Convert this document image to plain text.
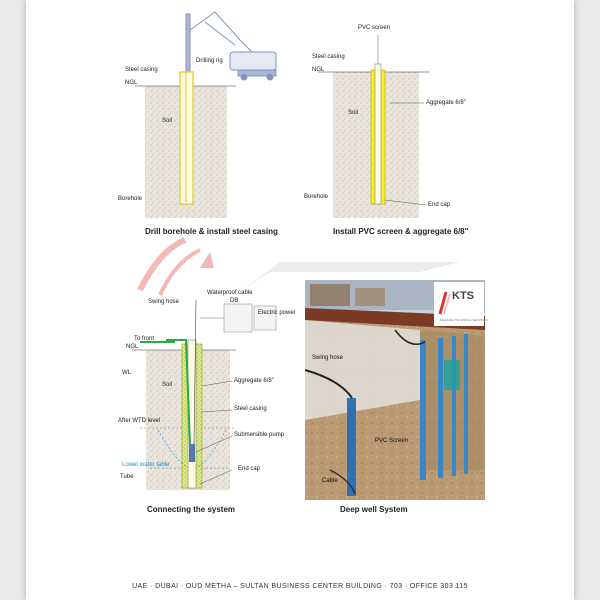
Drilling rig
Steel casing
NGL
Soil
Borehole
Drill borehole & install steel casing
PVC screen
Steel casing
NGL
Soil
Aggregate 6/8"
Borehole
End cap
Install PVC screen & aggregate 6/8"
Waterproof cable
Swing hose	DB
Electric power
To front
NGL
WL
Soil
Aggregate 6/8"
Steel casing
After WTD level
Submersible pump
End cap
Lower water table
Tube
Connecting the system
KTS
KHAZANA TECHNICAL SERVICES
Swing hose
PVC Screen
Cable
Deep well System
UAE · DUBAI · OUD METHA – SULTAN BUSINESS CENTER BUILDING · 703 · OFFICE 303 115
